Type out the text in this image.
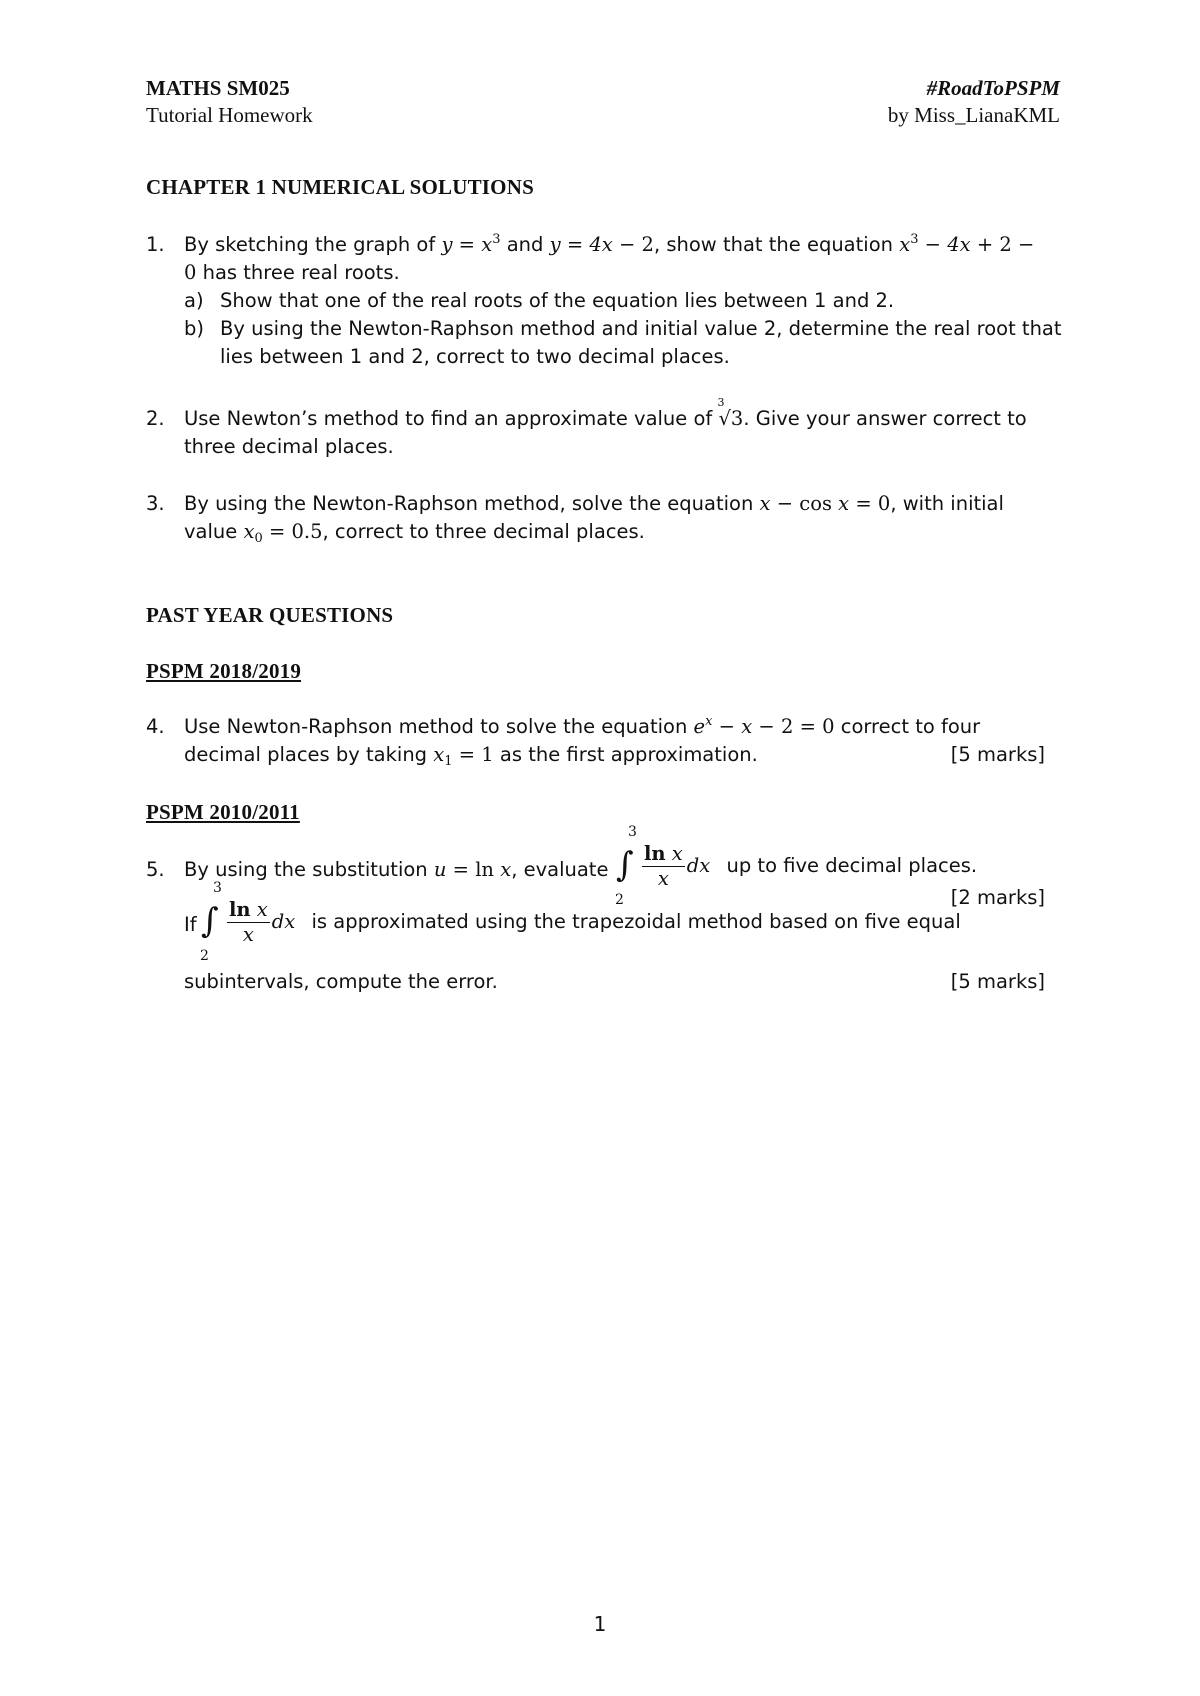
MATHS SM025
Tutorial Homework
#RoadToPSPM
by Miss_LianaKML
CHAPTER 1 NUMERICAL SOLUTIONS
1. By sketching the graph of $y = x^3$ and y = 4x − 2, show that the equation $x^3 - 4x + 2$ −
0 has three real roots.
a) Show that one of the real roots of the equation lies between 1 and 2.
b) By using the Newton-Raphson method and initial value 2, determine the real root that
lies between 1 and 2, correct to two decimal places.
2. Use Newton’s method to find an approximate value of
3
√3. Give your answer correct to
three decimal places.
3. By using the Newton-Raphson method, solve the equation x − cos x = 0, with initial
value $x_0 = 0.5$, correct to three decimal places.
PAST YEAR QUESTIONS
PSPM 2018/2019
4. Use Newton-Raphson method to solve the equation $e^x - x - 2 = 0$ correct to four
decimal places by taking $x_1 = 1$ as the first approximation.	[5 marks]
PSPM 2010/2011
5. By using the substitution u = ln x, evaluate
3
∫
2
$\frac{\text{ln x}}{x}$ dx up to five decimal places.
[2 marks]
If
3
∫
2
$\frac{\text{ln x}}{x}$ dx is approximated using the trapezoidal method based on five equal
subintervals, compute the error.	[5 marks]
1
